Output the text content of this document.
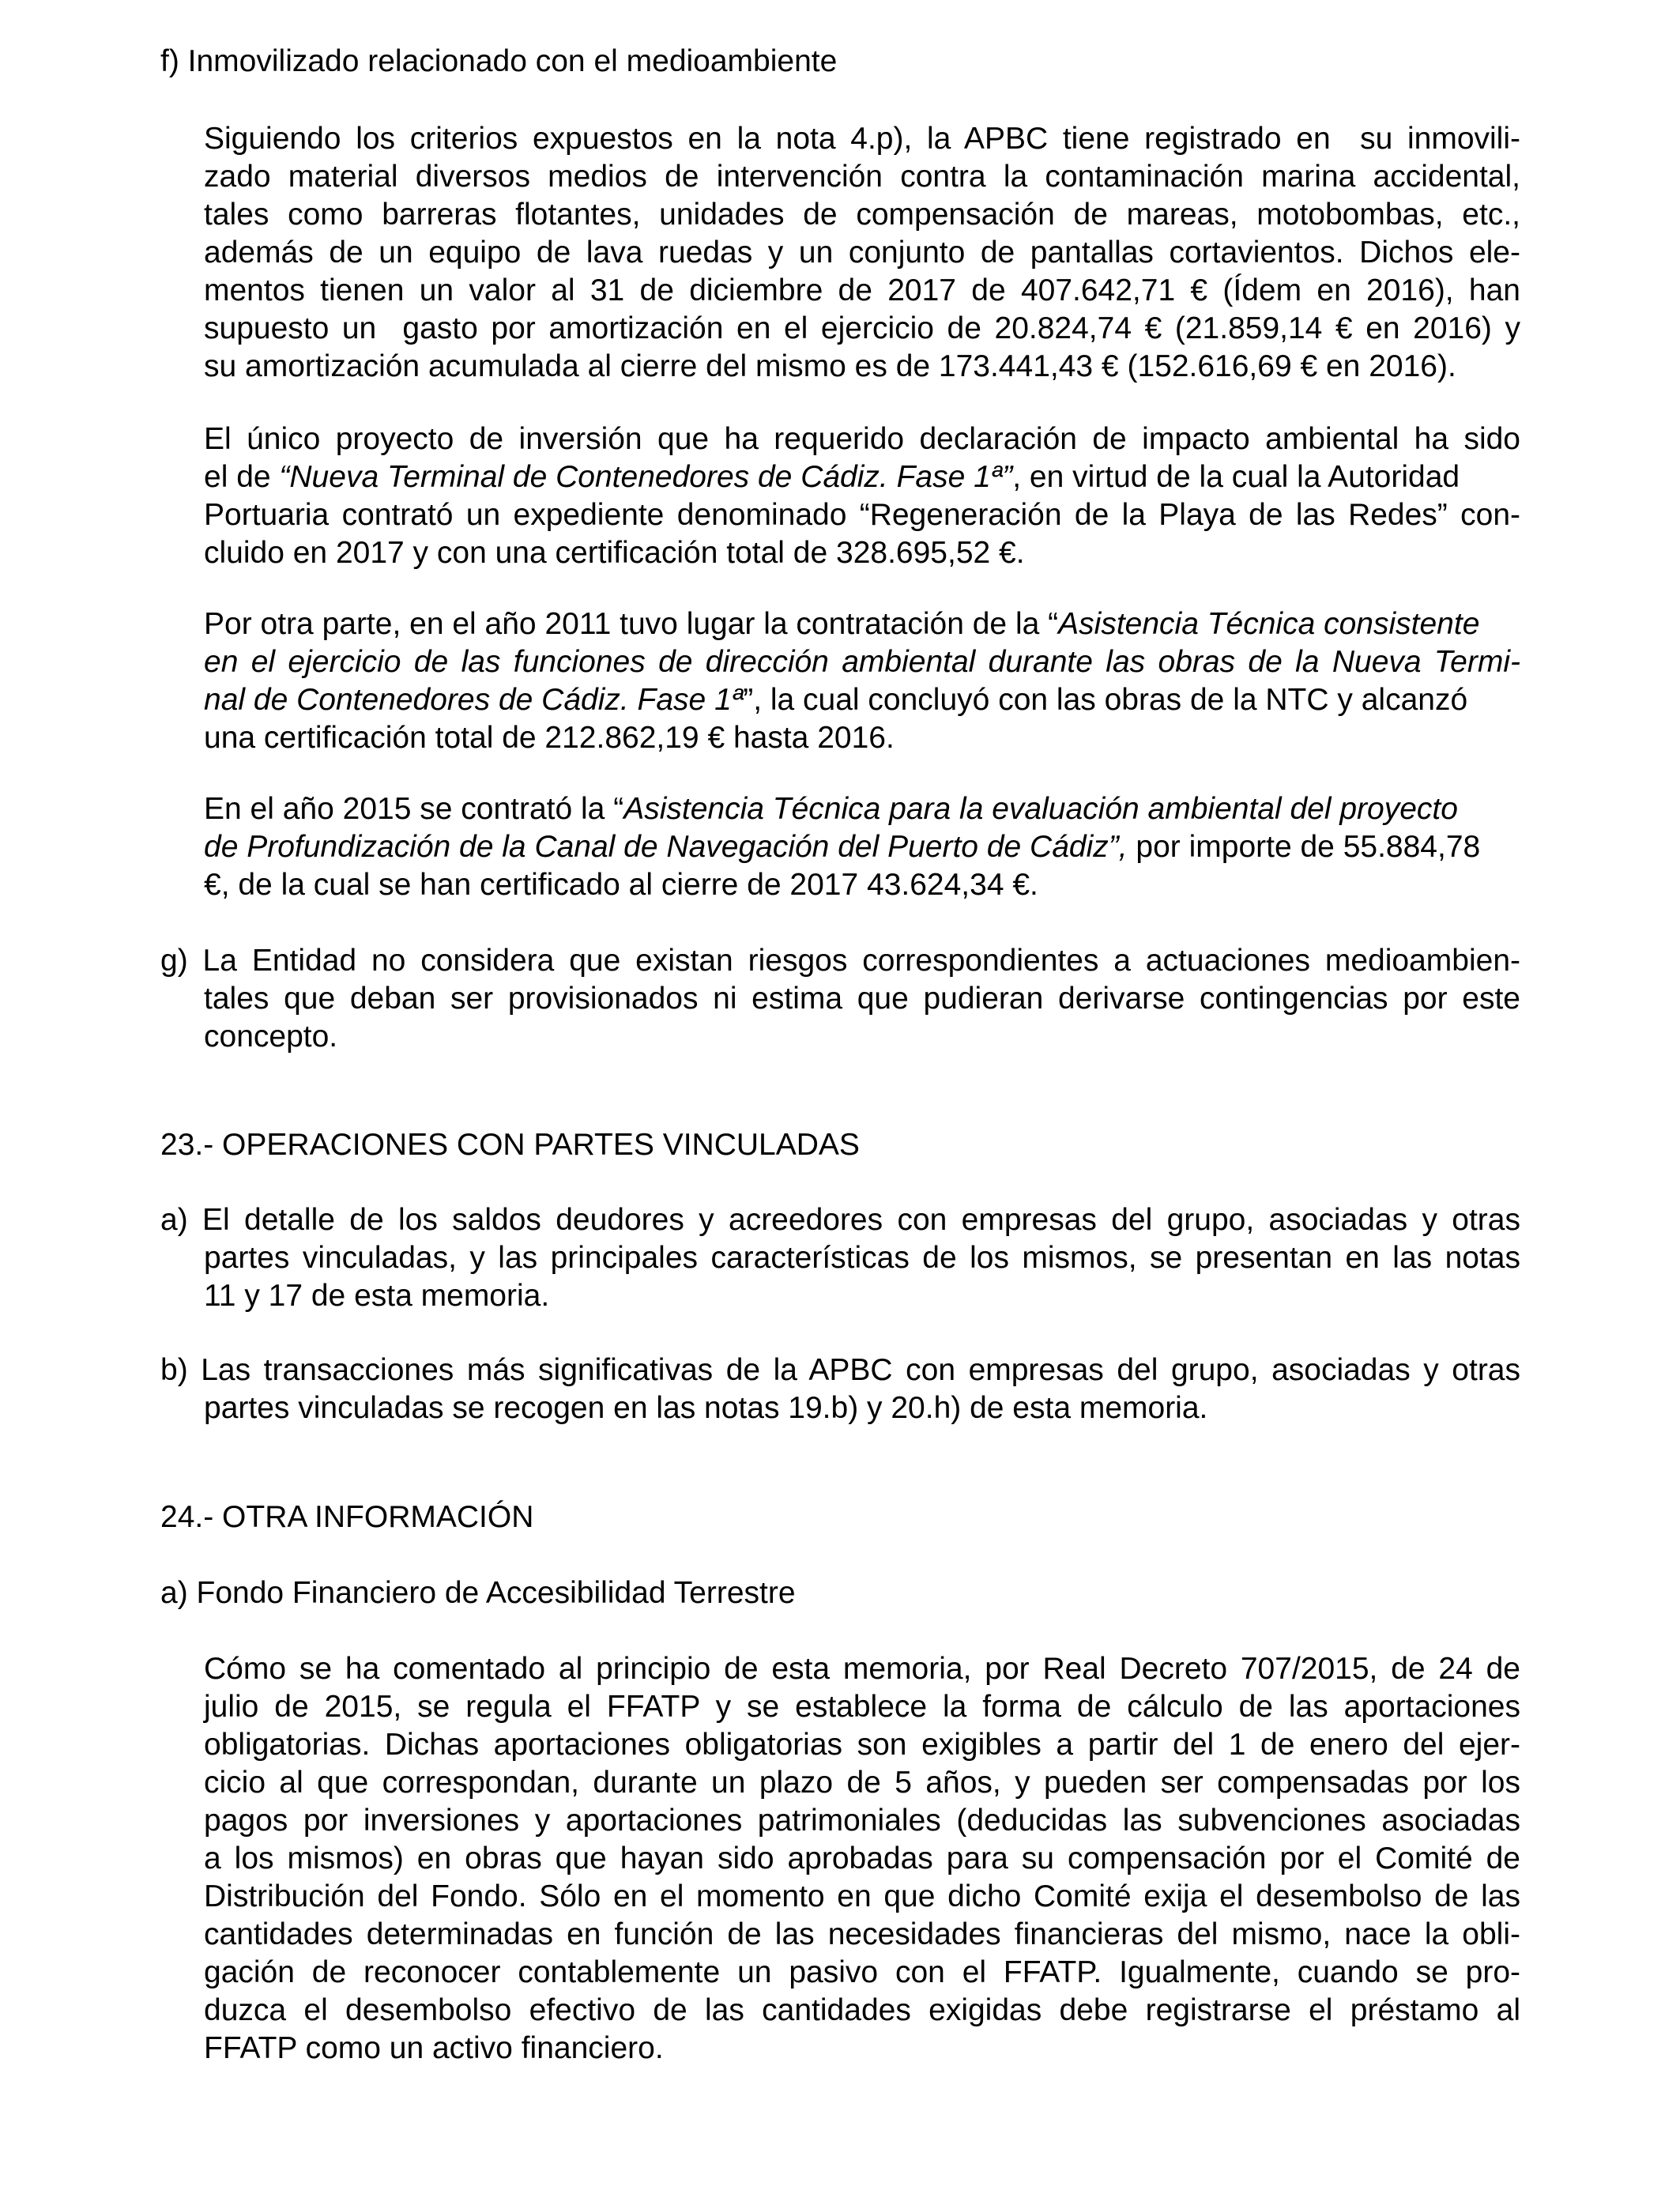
f) Inmovilizado relacionado con el medioambiente
Siguiendo los criterios expuestos en la nota 4.p), la APBC tiene registrado en  su inmovili-
zado material diversos medios de intervención contra la contaminación marina accidental,
tales como barreras flotantes, unidades de compensación de mareas, motobombas, etc.,
además de un equipo de lava ruedas y un conjunto de pantallas cortavientos. Dichos ele-
mentos tienen un valor al 31 de diciembre de 2017 de 407.642,71 € (Ídem en 2016), han
supuesto un  gasto por amortización en el ejercicio de 20.824,74 € (21.859,14 € en 2016) y
su amortización acumulada al cierre del mismo es de 173.441,43 € (152.616,69 € en 2016).
El único proyecto de inversión que ha requerido declaración de impacto ambiental ha sido
el de “Nueva Terminal de Contenedores de Cádiz. Fase 1ª”, en virtud de la cual la Autoridad
Portuaria contrató un expediente denominado “Regeneración de la Playa de las Redes” con-
cluido en 2017 y con una certificación total de 328.695,52 €.
Por otra parte, en el año 2011 tuvo lugar la contratación de la “Asistencia Técnica consistente
en el ejercicio de las funciones de dirección ambiental durante las obras de la Nueva Termi-
nal de Contenedores de Cádiz. Fase 1ª”, la cual concluyó con las obras de la NTC y alcanzó
una certificación total de 212.862,19 € hasta 2016.
En el año 2015 se contrató la “Asistencia Técnica para la evaluación ambiental del proyecto
de Profundización de la Canal de Navegación del Puerto de Cádiz”, por importe de 55.884,78
€, de la cual se han certificado al cierre de 2017 43.624,34 €.
g) La Entidad no considera que existan riesgos correspondientes a actuaciones medioambien-
tales que deban ser provisionados ni estima que pudieran derivarse contingencias por este
concepto.
23.- OPERACIONES CON PARTES VINCULADAS
a) El detalle de los saldos deudores y acreedores con empresas del grupo, asociadas y otras
partes vinculadas, y las principales características de los mismos, se presentan en las notas
11 y 17 de esta memoria.
b) Las transacciones más significativas de la APBC con empresas del grupo, asociadas y otras
partes vinculadas se recogen en las notas 19.b) y 20.h) de esta memoria.
24.- OTRA INFORMACIÓN
a) Fondo Financiero de Accesibilidad Terrestre
Cómo se ha comentado al principio de esta memoria, por Real Decreto 707/2015, de 24 de
julio de 2015, se regula el FFATP y se establece la forma de cálculo de las aportaciones
obligatorias. Dichas aportaciones obligatorias son exigibles a partir del 1 de enero del ejer-
cicio al que correspondan, durante un plazo de 5 años, y pueden ser compensadas por los
pagos por inversiones y aportaciones patrimoniales (deducidas las subvenciones asociadas
a los mismos) en obras que hayan sido aprobadas para su compensación por el Comité de
Distribución del Fondo. Sólo en el momento en que dicho Comité exija el desembolso de las
cantidades determinadas en función de las necesidades financieras del mismo, nace la obli-
gación de reconocer contablemente un pasivo con el FFATP. Igualmente, cuando se pro-
duzca el desembolso efectivo de las cantidades exigidas debe registrarse el préstamo al
FFATP como un activo financiero.
